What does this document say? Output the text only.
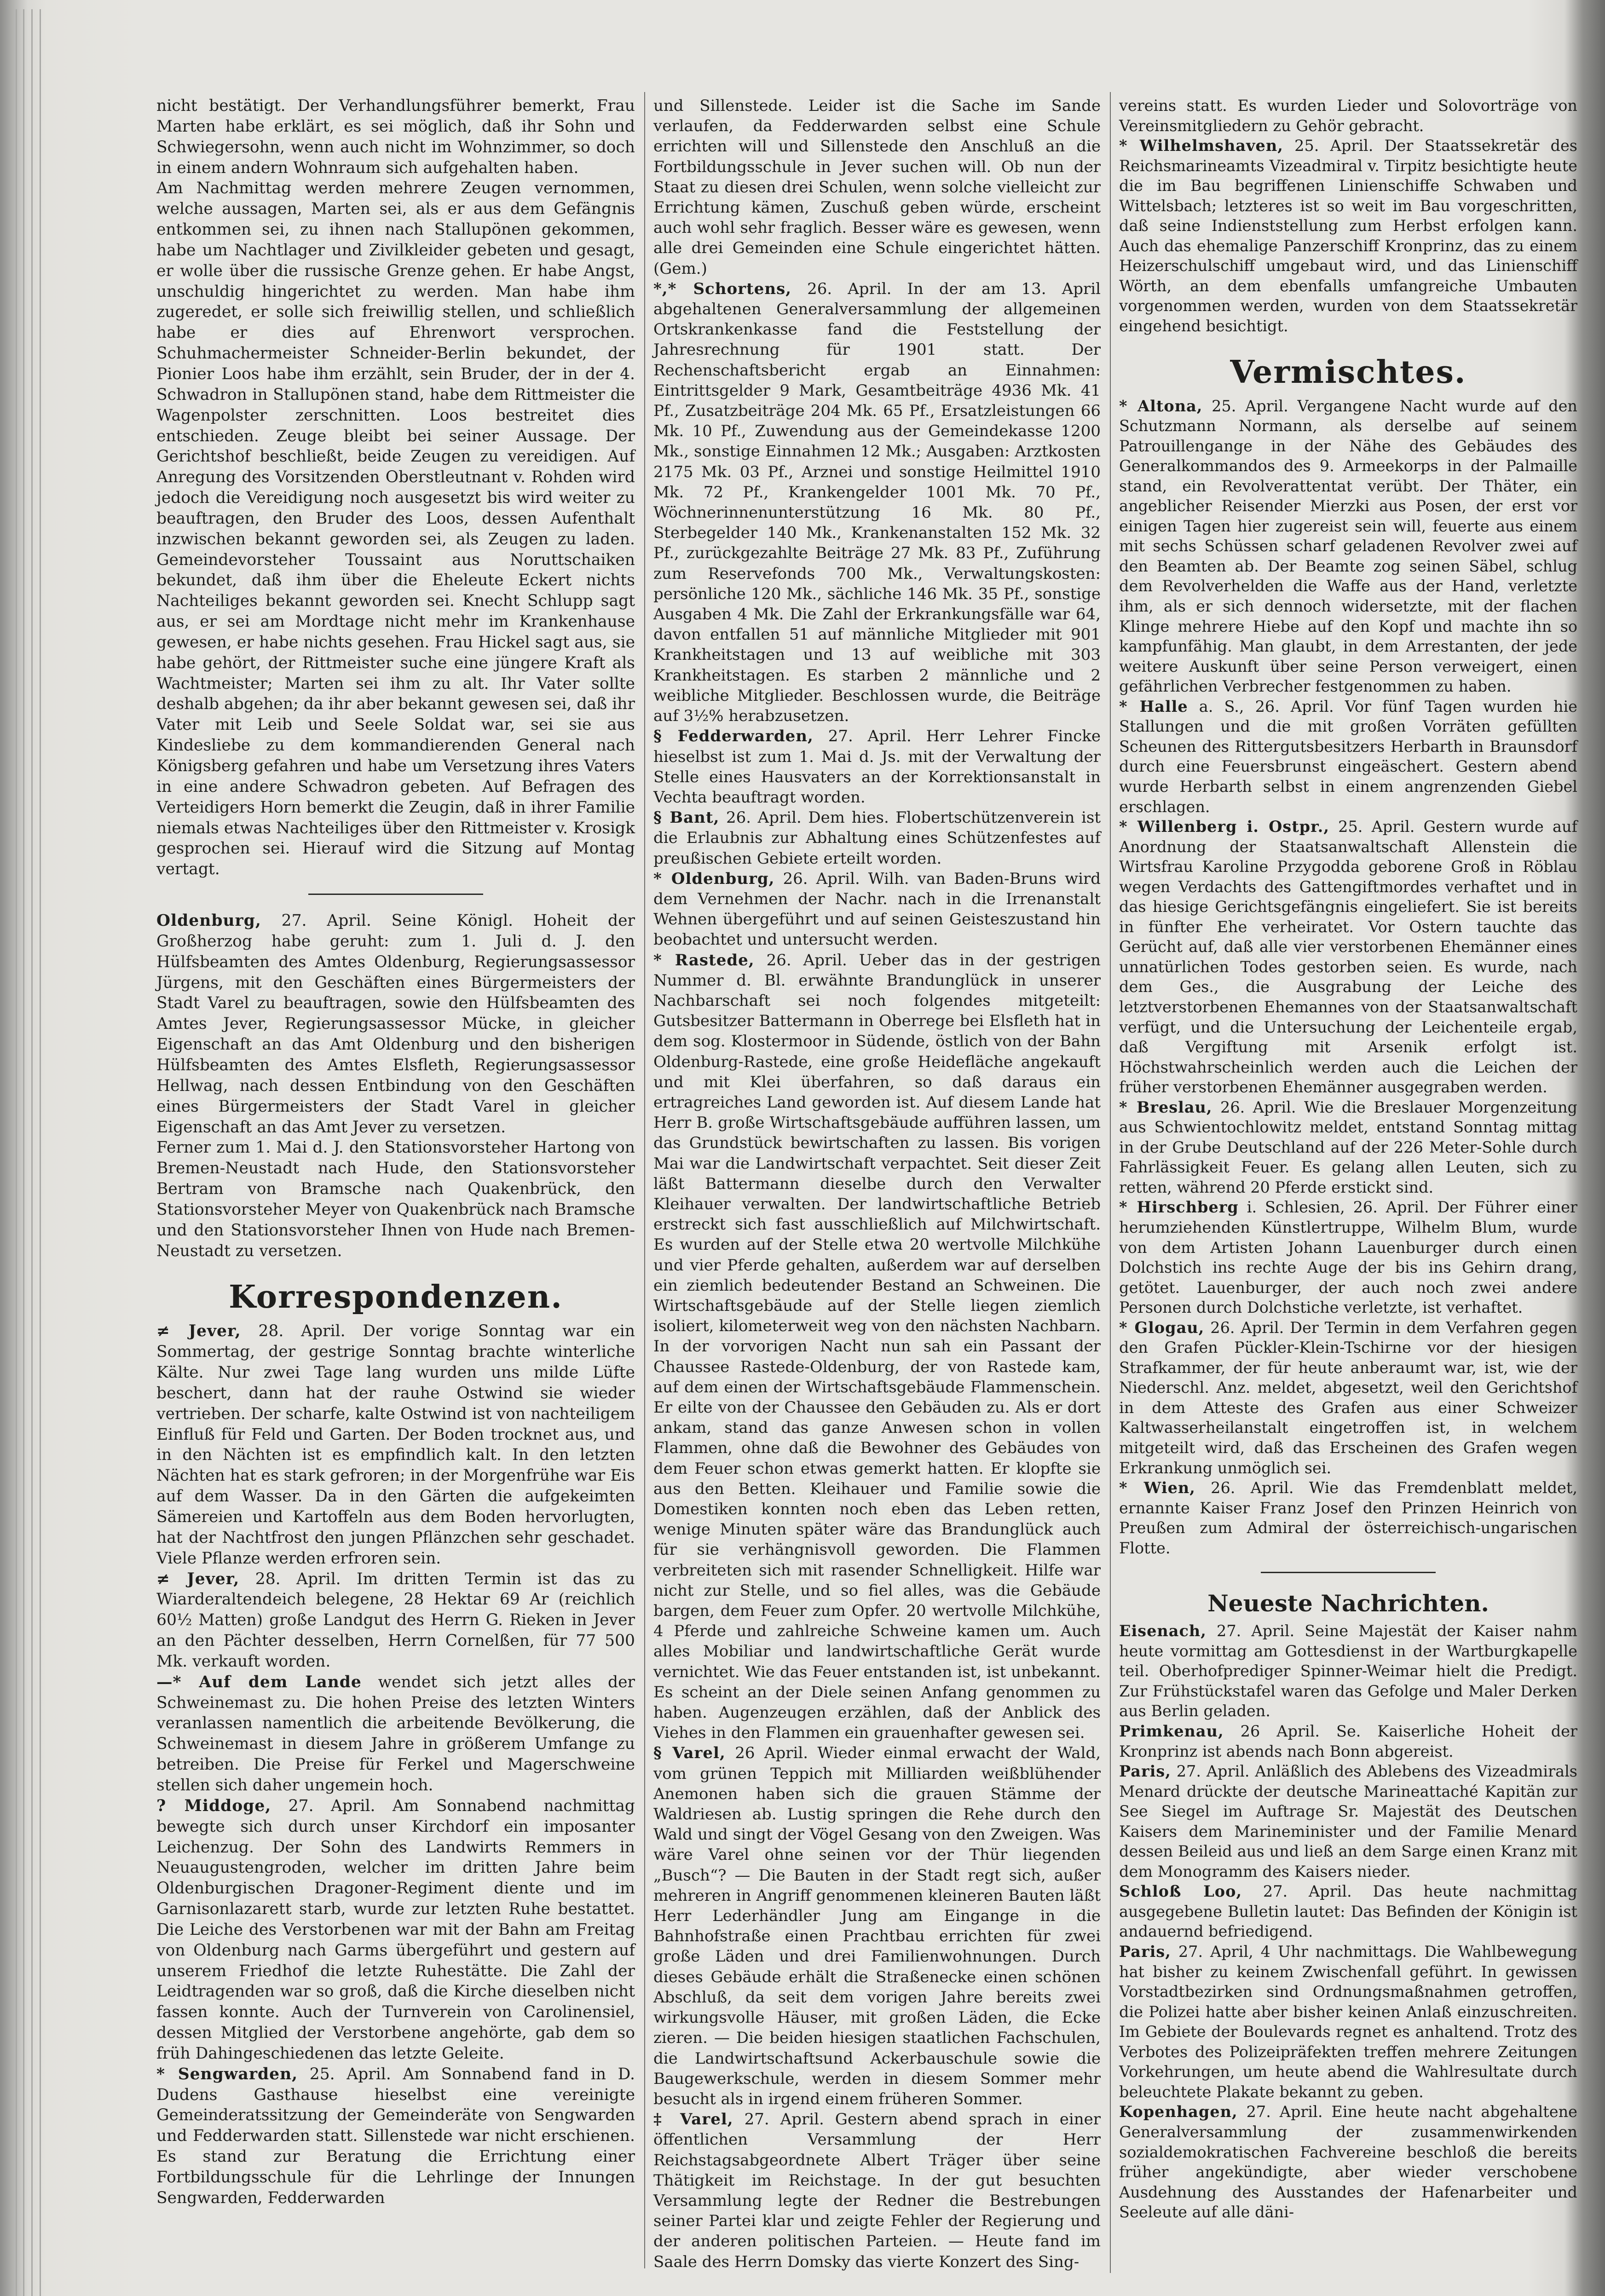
nicht bestätigt. Der Verhandlungsführer bemerkt, Frau Marten habe erklärt, es sei möglich, daß ihr Sohn und Schwiegersohn, wenn auch nicht im Wohnzimmer, so doch in einem andern Wohnraum sich aufgehalten haben.

Am Nachmittag werden mehrere Zeugen vernommen, welche aussagen, Marten sei, als er aus dem Gefängnis entkommen sei, zu ihnen nach Stallupönen gekommen, habe um Nachtlager und Zivilkleider gebeten und gesagt, er wolle über die russische Grenze gehen. Er habe Angst, unschuldig hingerichtet zu werden. Man habe ihm zugeredet, er solle sich freiwillig stellen, und schließlich habe er dies auf Ehrenwort versprochen. Schuhmachermeister Schneider-Berlin bekundet, der Pionier Loos habe ihm erzählt, sein Bruder, der in der 4. Schwadron in Stallupönen stand, habe dem Rittmeister die Wagenpolster zerschnitten. Loos bestreitet dies entschieden. Zeuge bleibt bei seiner Aussage. Der Gerichtshof beschließt, beide Zeugen zu vereidigen. Auf Anregung des Vorsitzenden Oberstleutnant v. Rohden wird jedoch die Vereidigung noch ausgesetzt bis wird weiter zu beauftragen, den Bruder des Loos, dessen Aufenthalt inzwischen bekannt geworden sei, als Zeugen zu laden. Gemeindevorsteher Toussaint aus Noruttschaiken bekundet, daß ihm über die Eheleute Eckert nichts Nachteiliges bekannt geworden sei. Knecht Schlupp sagt aus, er sei am Mordtage nicht mehr im Krankenhause gewesen, er habe nichts gesehen. Frau Hickel sagt aus, sie habe gehört, der Rittmeister suche eine jüngere Kraft als Wachtmeister; Marten sei ihm zu alt. Ihr Vater sollte deshalb abgehen; da ihr aber bekannt gewesen sei, daß ihr Vater mit Leib und Seele Soldat war, sei sie aus Kindesliebe zu dem kommandierenden General nach Königsberg gefahren und habe um Versetzung ihres Vaters in eine andere Schwadron gebeten. Auf Befragen des Verteidigers Horn bemerkt die Zeugin, daß in ihrer Familie niemals etwas Nachteiliges über den Rittmeister v. Krosigk gesprochen sei. Hierauf wird die Sitzung auf Montag vertagt.

Oldenburg, 27. April. Seine Königl. Hoheit der Großherzog habe geruht: zum 1. Juli d. J. den Hülfsbeamten des Amtes Oldenburg, Regierungsassessor Jürgens, mit den Geschäften eines Bürgermeisters der Stadt Varel zu beauftragen, sowie den Hülfsbeamten des Amtes Jever, Regierungsassessor Mücke, in gleicher Eigenschaft an das Amt Oldenburg und den bisherigen Hülfsbeamten des Amtes Elsfleth, Regierungsassessor Hellwag, nach dessen Entbindung von den Geschäften eines Bürgermeisters der Stadt Varel in gleicher Eigenschaft an das Amt Jever zu versetzen.

Ferner zum 1. Mai d. J. den Stationsvorsteher Hartong von Bremen-Neustadt nach Hude, den Stationsvorsteher Bertram von Bramsche nach Quakenbrück, den Stationsvorsteher Meyer von Quakenbrück nach Bramsche und den Stationsvorsteher Ihnen von Hude nach Bremen-Neustadt zu versetzen.

Korrespondenzen.

≠ Jever, 28. April. Der vorige Sonntag war ein Sommertag, der gestrige Sonntag brachte winterliche Kälte. Nur zwei Tage lang wurden uns milde Lüfte beschert, dann hat der rauhe Ostwind sie wieder vertrieben. Der scharfe, kalte Ostwind ist von nachteiligem Einfluß für Feld und Garten. Der Boden trocknet aus, und in den Nächten ist es empfindlich kalt. In den letzten Nächten hat es stark gefroren; in der Morgenfrühe war Eis auf dem Wasser. Da in den Gärten die aufgekeimten Sämereien und Kartoffeln aus dem Boden hervorlugten, hat der Nachtfrost den jungen Pflänzchen sehr geschadet. Viele Pflanze werden erfroren sein.

≠ Jever, 28. April. Im dritten Termin ist das zu Wiarderaltendeich belegene, 28 Hektar 69 Ar (reichlich 60½ Matten) große Landgut des Herrn G. Rieken in Jever an den Pächter desselben, Herrn Cornelßen, für 77 500 Mk. verkauft worden.

—* Auf dem Lande wendet sich jetzt alles der Schweinemast zu. Die hohen Preise des letzten Winters veranlassen namentlich die arbeitende Bevölkerung, die Schweinemast in diesem Jahre in größerem Umfange zu betreiben. Die Preise für Ferkel und Magerschweine stellen sich daher ungemein hoch.

? Middoge, 27. April. Am Sonnabend nachmittag bewegte sich durch unser Kirchdorf ein imposanter Leichenzug. Der Sohn des Landwirts Remmers in Neuaugustengroden, welcher im dritten Jahre beim Oldenburgischen Dragoner-Regiment diente und im Garnisonlazarett starb, wurde zur letzten Ruhe bestattet. Die Leiche des Verstorbenen war mit der Bahn am Freitag von Oldenburg nach Garms übergeführt und gestern auf unserem Friedhof die letzte Ruhestätte. Die Zahl der Leidtragenden war so groß, daß die Kirche dieselben nicht fassen konnte. Auch der Turnverein von Carolinensiel, dessen Mitglied der Verstorbene angehörte, gab dem so früh Dahingeschiedenen das letzte Geleite.

* Sengwarden, 25. April. Am Sonnabend fand in D. Dudens Gasthause hieselbst eine vereinigte Gemeinderatssitzung der Gemeinderäte von Sengwarden und Fedderwarden statt. Sillenstede war nicht erschienen. Es stand zur Beratung die Errichtung einer Fortbildungsschule für die Lehrlinge der Innungen Sengwarden, Fedderwarden

und Sillenstede. Leider ist die Sache im Sande verlaufen, da Fedderwarden selbst eine Schule errichten will und Sillenstede den Anschluß an die Fortbildungsschule in Jever suchen will. Ob nun der Staat zu diesen drei Schulen, wenn solche vielleicht zur Errichtung kämen, Zuschuß geben würde, erscheint auch wohl sehr fraglich. Besser wäre es gewesen, wenn alle drei Gemeinden eine Schule eingerichtet hätten. (Gem.)

*,* Schortens, 26. April. In der am 13. April abgehaltenen Generalversammlung der allgemeinen Ortskrankenkasse fand die Feststellung der Jahresrechnung für 1901 statt. Der Rechenschaftsbericht ergab an Einnahmen: Eintrittsgelder 9 Mark, Gesamtbeiträge 4936 Mk. 41 Pf., Zusatzbeiträge 204 Mk. 65 Pf., Ersatzleistungen 66 Mk. 10 Pf., Zuwendung aus der Gemeindekasse 1200 Mk., sonstige Einnahmen 12 Mk.; Ausgaben: Arztkosten 2175 Mk. 03 Pf., Arznei und sonstige Heilmittel 1910 Mk. 72 Pf., Krankengelder 1001 Mk. 70 Pf., Wöchnerinnenunterstützung 16 Mk. 80 Pf., Sterbegelder 140 Mk., Krankenanstalten 152 Mk. 32 Pf., zurückgezahlte Beiträge 27 Mk. 83 Pf., Zuführung zum Reservefonds 700 Mk., Verwaltungskosten: persönliche 120 Mk., sächliche 146 Mk. 35 Pf., sonstige Ausgaben 4 Mk. Die Zahl der Erkrankungsfälle war 64, davon entfallen 51 auf männliche Mitglieder mit 901 Krankheitstagen und 13 auf weibliche mit 303 Krankheitstagen. Es starben 2 männliche und 2 weibliche Mitglieder. Beschlossen wurde, die Beiträge auf 3½% herabzusetzen.

§ Fedderwarden, 27. April. Herr Lehrer Fincke hieselbst ist zum 1. Mai d. Js. mit der Verwaltung der Stelle eines Hausvaters an der Korrektionsanstalt in Vechta beauftragt worden.

§ Bant, 26. April. Dem hies. Flobertschützenverein ist die Erlaubnis zur Abhaltung eines Schützenfestes auf preußischen Gebiete erteilt worden.

* Oldenburg, 26. April. Wilh. van Baden-Bruns wird dem Vernehmen der Nachr. nach in die Irrenanstalt Wehnen übergeführt und auf seinen Geisteszustand hin beobachtet und untersucht werden.

* Rastede, 26. April. Ueber das in der gestrigen Nummer d. Bl. erwähnte Brandunglück in unserer Nachbarschaft sei noch folgendes mitgeteilt: Gutsbesitzer Battermann in Oberrege bei Elsfleth hat in dem sog. Klostermoor in Südende, östlich von der Bahn Oldenburg-Rastede, eine große Heidefläche angekauft und mit Klei überfahren, so daß daraus ein ertragreiches Land geworden ist. Auf diesem Lande hat Herr B. große Wirtschaftsgebäude aufführen lassen, um das Grundstück bewirtschaften zu lassen. Bis vorigen Mai war die Landwirtschaft verpachtet. Seit dieser Zeit läßt Battermann dieselbe durch den Verwalter Kleihauer verwalten. Der landwirtschaftliche Betrieb erstreckt sich fast ausschließlich auf Milchwirtschaft. Es wurden auf der Stelle etwa 20 wertvolle Milchkühe und vier Pferde gehalten, außerdem war auf derselben ein ziemlich bedeutender Bestand an Schweinen. Die Wirtschaftsgebäude auf der Stelle liegen ziemlich isoliert, kilometerweit weg von den nächsten Nachbarn. In der vorvorigen Nacht nun sah ein Passant der Chaussee Rastede-Oldenburg, der von Rastede kam, auf dem einen der Wirtschaftsgebäude Flammenschein. Er eilte von der Chaussee den Gebäuden zu. Als er dort ankam, stand das ganze Anwesen schon in vollen Flammen, ohne daß die Bewohner des Gebäudes von dem Feuer schon etwas gemerkt hatten. Er klopfte sie aus den Betten. Kleihauer und Familie sowie die Domestiken konnten noch eben das Leben retten, wenige Minuten später wäre das Brandunglück auch für sie verhängnisvoll geworden. Die Flammen verbreiteten sich mit rasender Schnelligkeit. Hilfe war nicht zur Stelle, und so fiel alles, was die Gebäude bargen, dem Feuer zum Opfer. 20 wertvolle Milchkühe, 4 Pferde und zahlreiche Schweine kamen um. Auch alles Mobiliar und landwirtschaftliche Gerät wurde vernichtet. Wie das Feuer entstanden ist, ist unbekannt. Es scheint an der Diele seinen Anfang genommen zu haben. Augenzeugen erzählen, daß der Anblick des Viehes in den Flammen ein grauenhafter gewesen sei.

§ Varel, 26 April. Wieder einmal erwacht der Wald, vom grünen Teppich mit Milliarden weißblühender Anemonen haben sich die grauen Stämme der Waldriesen ab. Lustig springen die Rehe durch den Wald und singt der Vögel Gesang von den Zweigen. Was wäre Varel ohne seinen vor der Thür liegenden „Busch“? — Die Bauten in der Stadt regt sich, außer mehreren in Angriff genommenen kleineren Bauten läßt Herr Lederhändler Jung am Eingange in die Bahnhofstraße einen Prachtbau errichten für zwei große Läden und drei Familienwohnungen. Durch dieses Gebäude erhält die Straßenecke einen schönen Abschluß, da seit dem vorigen Jahre bereits zwei wirkungsvolle Häuser, mit großen Läden, die Ecke zieren. — Die beiden hiesigen staatlichen Fachschulen, die Landwirtschaftsund Ackerbauschule sowie die Baugewerkschule, werden in diesem Sommer mehr besucht als in irgend einem früheren Sommer.

‡ Varel, 27. April. Gestern abend sprach in einer öffentlichen Versammlung der Herr Reichstagsabgeordnete Albert Träger über seine Thätigkeit im Reichstage. In der gut besuchten Versammlung legte der Redner die Bestrebungen seiner Partei klar und zeigte Fehler der Regierung und der anderen politischen Parteien. — Heute fand im Saale des Herrn Domsky das vierte Konzert des Sing-

vereins statt. Es wurden Lieder und Solovorträge von Vereinsmitgliedern zu Gehör gebracht.

* Wilhelmshaven, 25. April. Der Staatssekretär des Reichsmarineamts Vizeadmiral v. Tirpitz besichtigte heute die im Bau begriffenen Linienschiffe Schwaben und Wittelsbach; letzteres ist so weit im Bau vorgeschritten, daß seine Indienststellung zum Herbst erfolgen kann. Auch das ehemalige Panzerschiff Kronprinz, das zu einem Heizerschulschiff umgebaut wird, und das Linienschiff Wörth, an dem ebenfalls umfangreiche Umbauten vorgenommen werden, wurden von dem Staatssekretär eingehend besichtigt.

Vermischtes.

* Altona, 25. April. Vergangene Nacht wurde auf den Schutzmann Normann, als derselbe auf seinem Patrouillengange in der Nähe des Gebäudes des Generalkommandos des 9. Armeekorps in der Palmaille stand, ein Revolverattentat verübt. Der Thäter, ein angeblicher Reisender Mierzki aus Posen, der erst vor einigen Tagen hier zugereist sein will, feuerte aus einem mit sechs Schüssen scharf geladenen Revolver zwei auf den Beamten ab. Der Beamte zog seinen Säbel, schlug dem Revolverhelden die Waffe aus der Hand, verletzte ihm, als er sich dennoch widersetzte, mit der flachen Klinge mehrere Hiebe auf den Kopf und machte ihn so kampfunfähig. Man glaubt, in dem Arrestanten, der jede weitere Auskunft über seine Person verweigert, einen gefährlichen Verbrecher festgenommen zu haben.

* Halle a. S., 26. April. Vor fünf Tagen wurden hie Stallungen und die mit großen Vorräten gefüllten Scheunen des Rittergutsbesitzers Herbarth in Braunsdorf durch eine Feuersbrunst eingeäschert. Gestern abend wurde Herbarth selbst in einem angrenzenden Giebel erschlagen.

* Willenberg i. Ostpr., 25. April. Gestern wurde auf Anordnung der Staatsanwaltschaft Allenstein die Wirtsfrau Karoline Przygodda geborene Groß in Röblau wegen Verdachts des Gattengiftmordes verhaftet und in das hiesige Gerichtsgefängnis eingeliefert. Sie ist bereits in fünfter Ehe verheiratet. Vor Ostern tauchte das Gerücht auf, daß alle vier verstorbenen Ehemänner eines unnatürlichen Todes gestorben seien. Es wurde, nach dem Ges., die Ausgrabung der Leiche des letztverstorbenen Ehemannes von der Staatsanwaltschaft verfügt, und die Untersuchung der Leichenteile ergab, daß Vergiftung mit Arsenik erfolgt ist. Höchstwahrscheinlich werden auch die Leichen der früher verstorbenen Ehemänner ausgegraben werden.

* Breslau, 26. April. Wie die Breslauer Morgenzeitung aus Schwientochlowitz meldet, entstand Sonntag mittag in der Grube Deutschland auf der 226 Meter-Sohle durch Fahrlässigkeit Feuer. Es gelang allen Leuten, sich zu retten, während 20 Pferde erstickt sind.

* Hirschberg i. Schlesien, 26. April. Der Führer einer herumziehenden Künstlertruppe, Wilhelm Blum, wurde von dem Artisten Johann Lauenburger durch einen Dolchstich ins rechte Auge der bis ins Gehirn drang, getötet. Lauenburger, der auch noch zwei andere Personen durch Dolchstiche verletzte, ist verhaftet.

* Glogau, 26. April. Der Termin in dem Verfahren gegen den Grafen Pückler-Klein-Tschirne vor der hiesigen Strafkammer, der für heute anberaumt war, ist, wie der Niederschl. Anz. meldet, abgesetzt, weil den Gerichtshof in dem Atteste des Grafen aus einer Schweizer Kaltwasserheilanstalt eingetroffen ist, in welchem mitgeteilt wird, daß das Erscheinen des Grafen wegen Erkrankung unmöglich sei.

* Wien, 26. April. Wie das Fremdenblatt meldet, ernannte Kaiser Franz Josef den Prinzen Heinrich von Preußen zum Admiral der österreichisch-ungarischen Flotte.

Neueste Nachrichten.

Eisenach, 27. April. Seine Majestät der Kaiser nahm heute vormittag am Gottesdienst in der Wartburgkapelle teil. Oberhofprediger Spinner-Weimar hielt die Predigt. Zur Frühstückstafel waren das Gefolge und Maler Derken aus Berlin geladen.

Primkenau, 26 April. Se. Kaiserliche Hoheit der Kronprinz ist abends nach Bonn abgereist.

Paris, 27. April. Anläßlich des Ablebens des Vizeadmirals Menard drückte der deutsche Marineattaché Kapitän zur See Siegel im Auftrage Sr. Majestät des Deutschen Kaisers dem Marineminister und der Familie Menard dessen Beileid aus und ließ an dem Sarge einen Kranz mit dem Monogramm des Kaisers nieder.

Schloß Loo, 27. April. Das heute nachmittag ausgegebene Bulletin lautet: Das Befinden der Königin ist andauernd befriedigend.

Paris, 27. April, 4 Uhr nachmittags. Die Wahlbewegung hat bisher zu keinem Zwischenfall geführt. In gewissen Vorstadtbezirken sind Ordnungsmaßnahmen getroffen, die Polizei hatte aber bisher keinen Anlaß einzuschreiten. Im Gebiete der Boulevards regnet es anhaltend. Trotz des Verbotes des Polizeipräfekten treffen mehrere Zeitungen Vorkehrungen, um heute abend die Wahlresultate durch beleuchtete Plakate bekannt zu geben.

Kopenhagen, 27. April. Eine heute nacht abgehaltene Generalversammlung der zusammenwirkenden sozialdemokratischen Fachvereine beschloß die bereits früher angekündigte, aber wieder verschobene Ausdehnung des Ausstandes der Hafenarbeiter und Seeleute auf alle däni-
